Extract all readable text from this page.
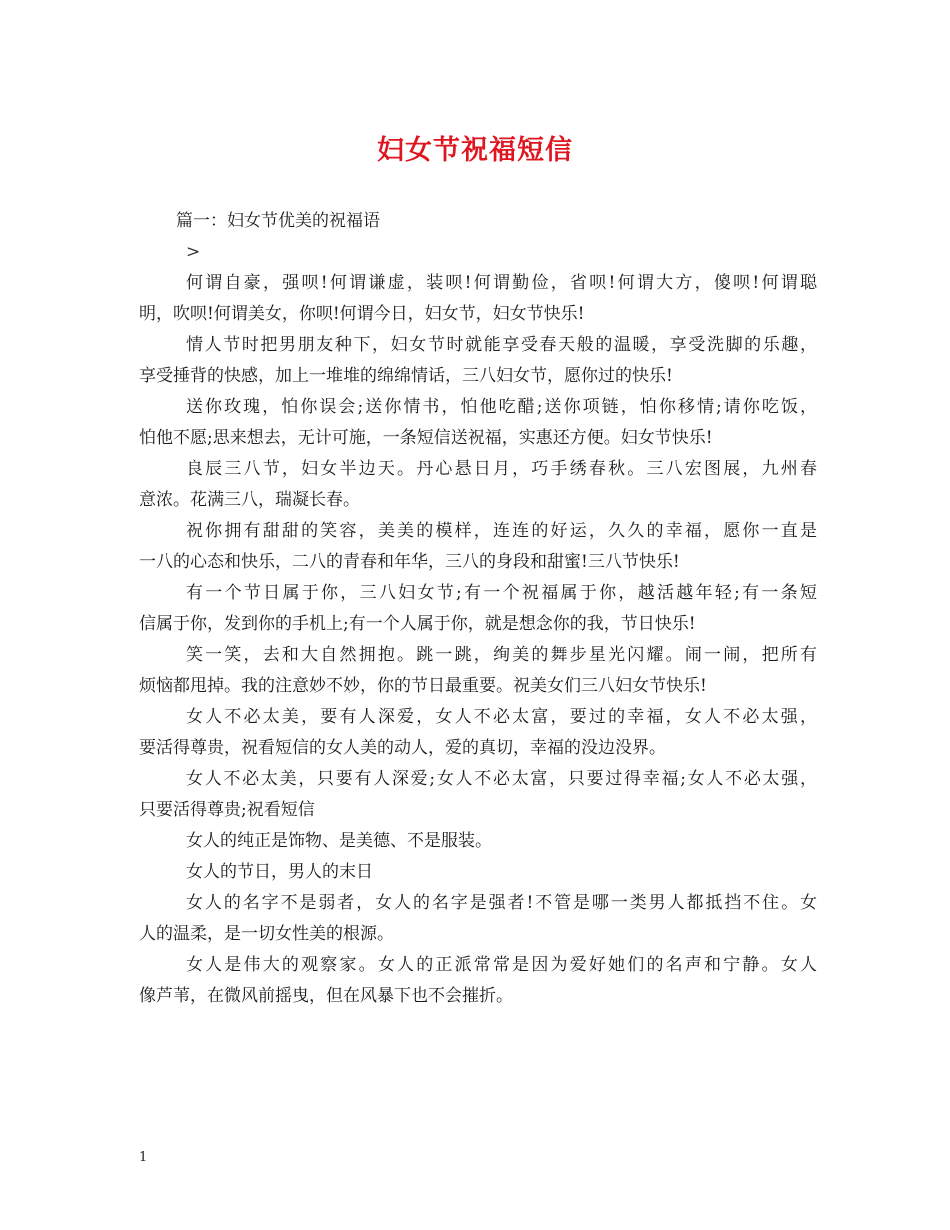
妇女节祝福短信
篇一：妇女节优美的祝福语
>
何谓自豪，强呗!何谓谦虚，装呗!何谓勤俭，省呗!何谓大方，傻呗!何谓聪
明，吹呗!何谓美女，你呗!何谓今日，妇女节，妇女节快乐!
情人节时把男朋友种下，妇女节时就能享受春天般的温暖，享受洗脚的乐趣，
享受捶背的快感，加上一堆堆的绵绵情话，三八妇女节，愿你过的快乐!
送你玫瑰，怕你误会;送你情书，怕他吃醋;送你项链，怕你移情;请你吃饭，
怕他不愿;思来想去，无计可施，一条短信送祝福，实惠还方便。妇女节快乐!
良辰三八节，妇女半边天。丹心悬日月，巧手绣春秋。三八宏图展，九州春
意浓。花满三八，瑞凝长春。
祝你拥有甜甜的笑容，美美的模样，连连的好运，久久的幸福，愿你一直是
一八的心态和快乐，二八的青春和年华，三八的身段和甜蜜!三八节快乐!
有一个节日属于你，三八妇女节;有一个祝福属于你，越活越年轻;有一条短
信属于你，发到你的手机上;有一个人属于你，就是想念你的我，节日快乐!
笑一笑，去和大自然拥抱。跳一跳，绚美的舞步星光闪耀。闹一闹，把所有
烦恼都甩掉。我的注意妙不妙，你的节日最重要。祝美女们三八妇女节快乐!
女人不必太美，要有人深爱，女人不必太富，要过的幸福，女人不必太强，
要活得尊贵，祝看短信的女人美的动人，爱的真切，幸福的没边没界。
女人不必太美，只要有人深爱;女人不必太富，只要过得幸福;女人不必太强，
只要活得尊贵;祝看短信
女人的纯正是饰物、是美德、不是服装。
女人的节日，男人的末日
女人的名字不是弱者，女人的名字是强者!不管是哪一类男人都抵挡不住。女
人的温柔，是一切女性美的根源。
女人是伟大的观察家。女人的正派常常是因为爱好她们的名声和宁静。女人
像芦苇，在微风前摇曳，但在风暴下也不会摧折。
1
